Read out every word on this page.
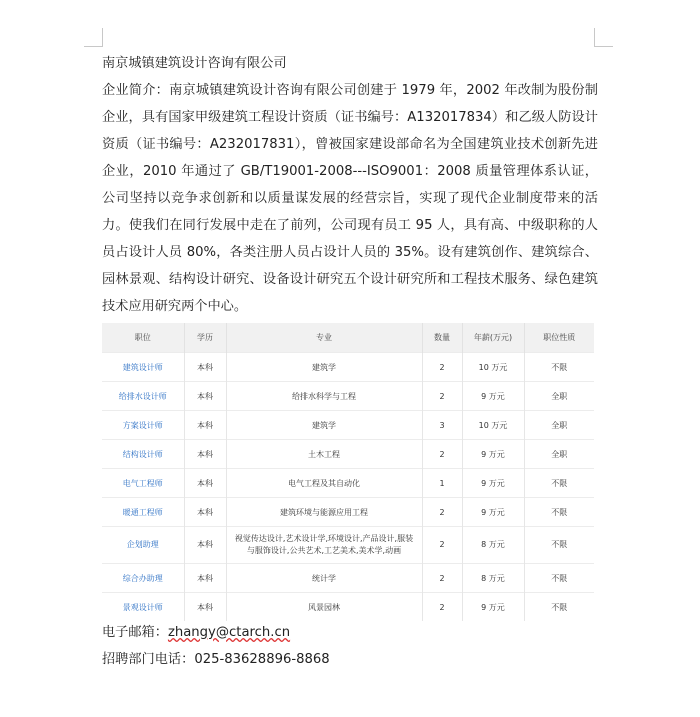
南京城镇建筑设计咨询有限公司
企业简介：南京城镇建筑设计咨询有限公司创建于 1979 年，2002 年改制为股份制企业，具有国家甲级建筑工程设计资质（证书编号：A132017834）和乙级人防设计资质（证书编号：A232017831），曾被国家建设部命名为全国建筑业技术创新先进企业，2010 年通过了 GB/T19001-2008---ISO9001：2008 质量管理体系认证，公司坚持以竞争求创新和以质量谋发展的经营宗旨，实现了现代企业制度带来的活力。使我们在同行发展中走在了前列，公司现有员工 95 人，具有高、中级职称的人员占设计人员 80%，各类注册人员占设计人员的 35%。设有建筑创作、建筑综合、园林景观、结构设计研究、设备设计研究五个设计研究所和工程技术服务、绿色建筑技术应用研究两个中心。
职位	学历	专业	数量	年薪(万元)	职位性质
建筑设计师	本科	建筑学	2	10 万元	不限
给排水设计师	本科	给排水科学与工程	2	9 万元	全职
方案设计师	本科	建筑学	3	10 万元	全职
结构设计师	本科	土木工程	2	9 万元	全职
电气工程师	本科	电气工程及其自动化	1	9 万元	不限
暖通工程师	本科	建筑环境与能源应用工程	2	9 万元	不限
企划助理	本科	视觉传达设计,艺术设计学,环境设计,产品设计,服装与服饰设计,公共艺术,工艺美术,美术学,动画	2	8 万元	不限
综合办助理	本科	统计学	2	8 万元	不限
景观设计师	本科	风景园林	2	9 万元	不限
电子邮箱：zhangy@ctarch.cn
招聘部门电话：025-83628896-8868
